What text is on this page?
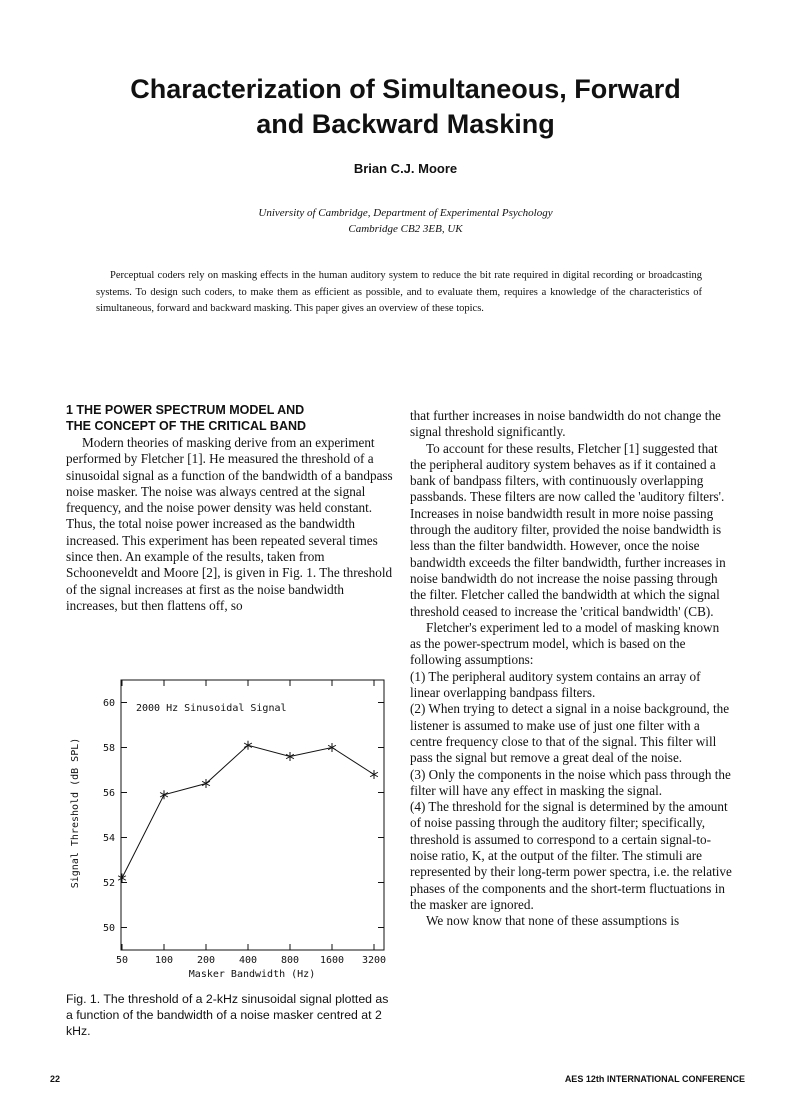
Characterization of Simultaneous, Forward
and Backward Masking
Brian C.J. Moore
University of Cambridge, Department of Experimental Psychology
Cambridge CB2 3EB, UK
Perceptual coders rely on masking effects in the human auditory system to reduce the bit rate required in digital recording or broadcasting systems. To design such coders, to make them as efficient as possible, and to evaluate them, requires a knowledge of the characteristics of simultaneous, forward and backward masking. This paper gives an overview of these topics.
1 THE POWER SPECTRUM MODEL AND
THE CONCEPT OF THE CRITICAL BAND

Modern theories of masking derive from an experiment performed by Fletcher [1]. He measured the threshold of a sinusoidal signal as a function of the bandwidth of a bandpass noise masker. The noise was always centred at the signal frequency, and the noise power density was held constant. Thus, the total noise power increased as the bandwidth increased. This experiment has been repeated several times since then. An example of the results, taken from Schooneveldt and Moore [2], is given in Fig. 1. The threshold of the signal increases at first as the noise bandwidth increases, but then flattens off, so

50
52
54
56
58
60
50	100 200 400 800 1600 3200
2000 Hz Sinusoidal Signal
Masker Bandwidth (Hz)
Signal Threshold (dB SPL)
Fig. 1. The threshold of a 2-kHz sinusoidal signal plotted as a function of the bandwidth of a noise masker centred at 2 kHz.

that further increases in noise bandwidth do not change the signal threshold significantly.

To account for these results, Fletcher [1] suggested that the peripheral auditory system behaves as if it contained a bank of bandpass filters, with continuously overlapping passbands. These filters are now called the 'auditory filters'. Increases in noise bandwidth result in more noise passing through the auditory filter, provided the noise bandwidth is less than the filter bandwidth. However, once the noise bandwidth exceeds the filter bandwidth, further increases in noise bandwidth do not increase the noise passing through the filter. Fletcher called the bandwidth at which the signal threshold ceased to increase the 'critical bandwidth' (CB).

Fletcher's experiment led to a model of masking known as the power-spectrum model, which is based on the following assumptions:

(1) The peripheral auditory system contains an array of linear overlapping bandpass filters.

(2) When trying to detect a signal in a noise background, the listener is assumed to make use of just one filter with a centre frequency close to that of the signal. This filter will pass the signal but remove a great deal of the noise.

(3) Only the components in the noise which pass through the filter will have any effect in masking the signal.

(4) The threshold for the signal is determined by the amount of noise passing through the auditory filter; specifically, threshold is assumed to correspond to a certain signal-to-noise ratio, K, at the output of the filter. The stimuli are represented by their long-term power spectra, i.e. the relative phases of the components and the short-term fluctuations in the masker are ignored.

We now know that none of these assumptions is

22	AES 12th INTERNATIONAL CONFERENCE
